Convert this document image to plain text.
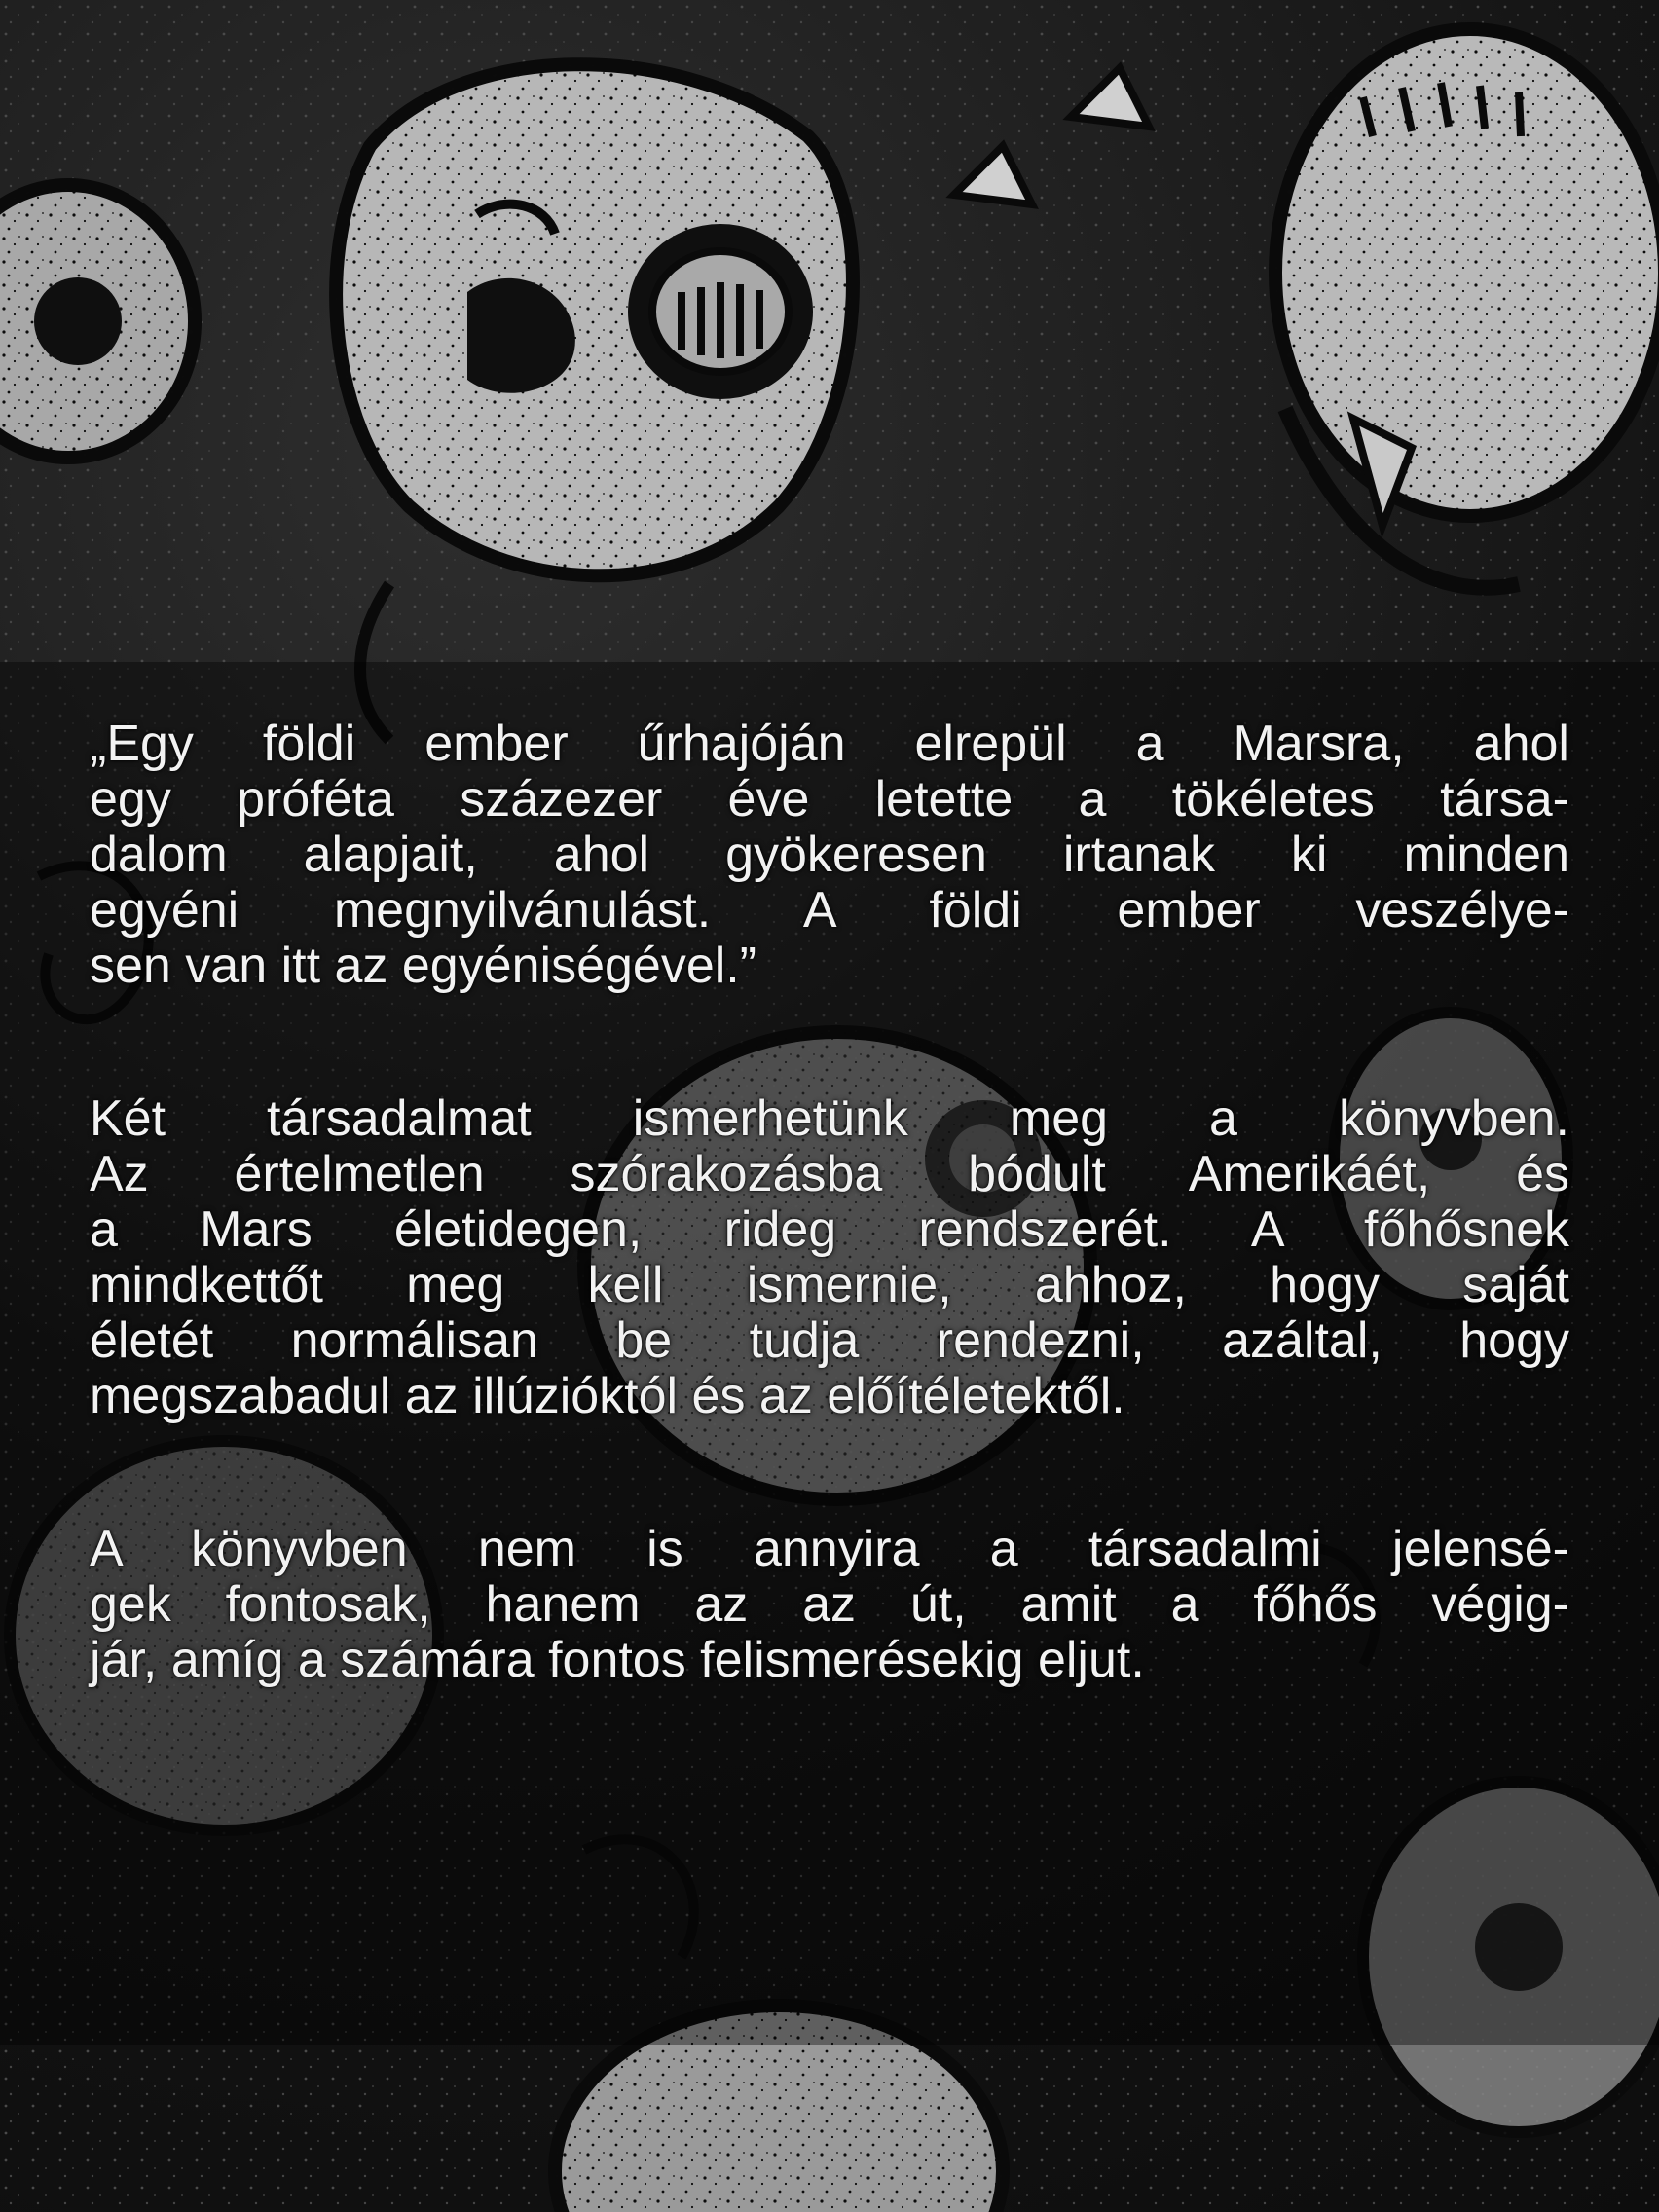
„Egy földi ember űrhajóján elrepül a Marsra, ahol
egy próféta százezer éve letette a tökéletes társa-
dalom alapjait, ahol gyökeresen irtanak ki minden
egyéni megnyilvánulást. A földi ember veszélye-
sen van itt az egyéniségével.”

Két társadalmat ismerhetünk meg a könyvben.
Az értelmetlen szórakozásba bódult Amerikáét, és
a Mars életidegen, rideg rendszerét. A főhősnek
mindkettőt meg kell ismernie, ahhoz, hogy saját
életét normálisan be tudja rendezni, azáltal, hogy
megszabadul az illúzióktól és az előítéletektől.

A könyvben nem is annyira a társadalmi jelensé-
gek fontosak, hanem az az út, amit a főhős végig-
jár, amíg a számára fontos felismerésekig eljut.
